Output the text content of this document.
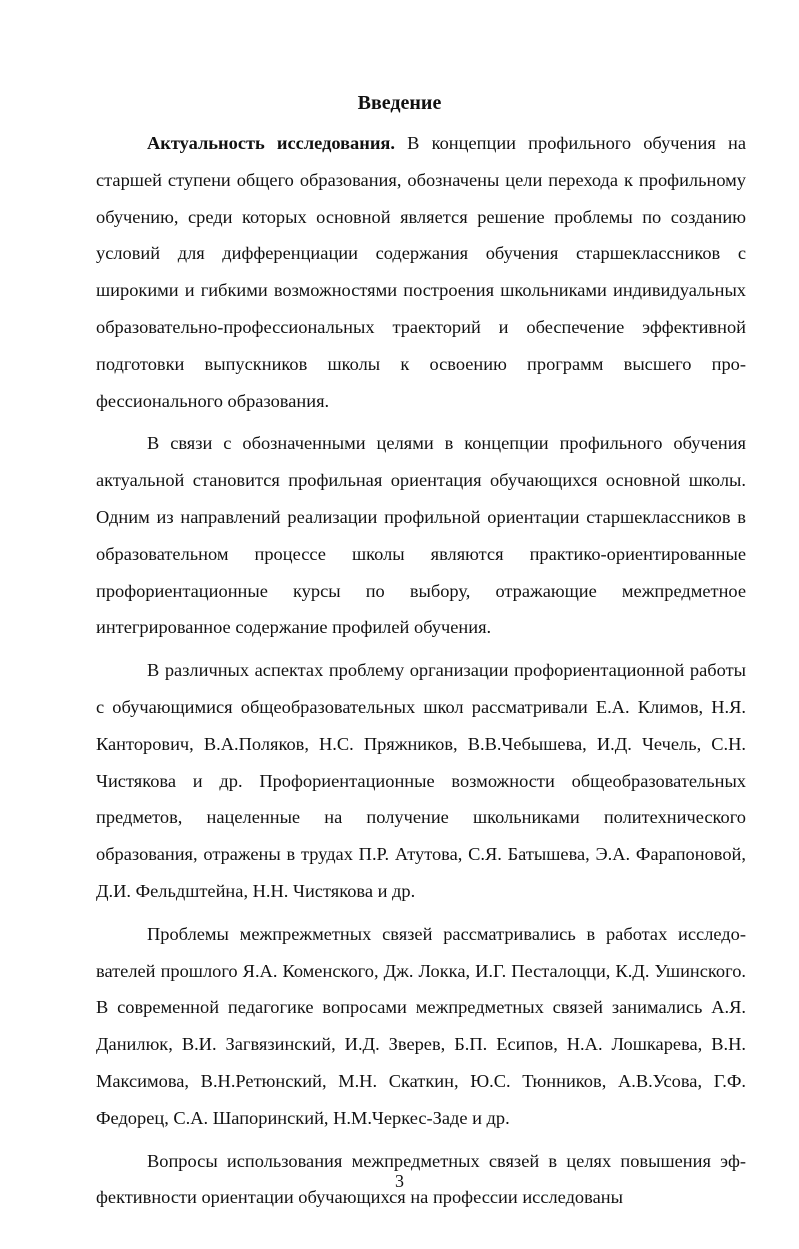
Введение

Актуальность исследования. В концепции профильного обучения на старшей ступени общего образования, обозначены цели перехода к профильному обучению, среди которых основной является решение проблемы по созданию условий для дифференциации содержания обучения старшеклассников с широкими и гибкими возможностями построения школьниками индивидуальных образовательно-профессиональных траекторий и обеспечение эффективной подготовки выпускников школы к освоению программ высшего профессионального образования.

В связи с обозначенными целями в концепции профильного обучения актуальной становится профильная ориентация обучающихся основной школы. Одним из направлений реализации профильной ориентации старшеклассников в образовательном процессе школы являются практико-ориентированные профориентационные курсы по выбору, отражающие межпредметное интегрированное содержание профилей обучения.

В различных аспектах проблему организации профориентационной работы с обучающимися общеобразовательных школ рассматривали Е.А. Климов, Н.Я. Канторович, В.А.Поляков, Н.С. Пряжников, В.В.Чебышева, И.Д. Чечель, С.Н. Чистякова и др. Профориентационные возможности общеобразовательных предметов, нацеленные на получение школьниками политехнического образования, отражены в трудах П.Р. Атутова, С.Я. Батышева, Э.А. Фарапоновой, Д.И. Фельдштейна, Н.Н. Чистякова и др.

Проблемы межпрежметных связей рассматривались в работах исследователей прошлого Я.А. Коменского, Дж. Локка, И.Г. Песталоцци, К.Д. Ушинского. В современной педагогике вопросами межпредметных связей занимались А.Я. Данилюк, В.И. Загвязинский, И.Д. Зверев, Б.П. Есипов, Н.А. Лошкарева, В.Н. Максимова, В.Н.Ретюнский, М.Н. Скаткин, Ю.С. Тюнников, А.В.Усова, Г.Ф. Федорец, С.А. Шапоринский, Н.М.Черкес-Заде и др.

Вопросы использования межпредметных связей в целях повышения эффективности ориентации обучающихся на профессии исследованы

3
